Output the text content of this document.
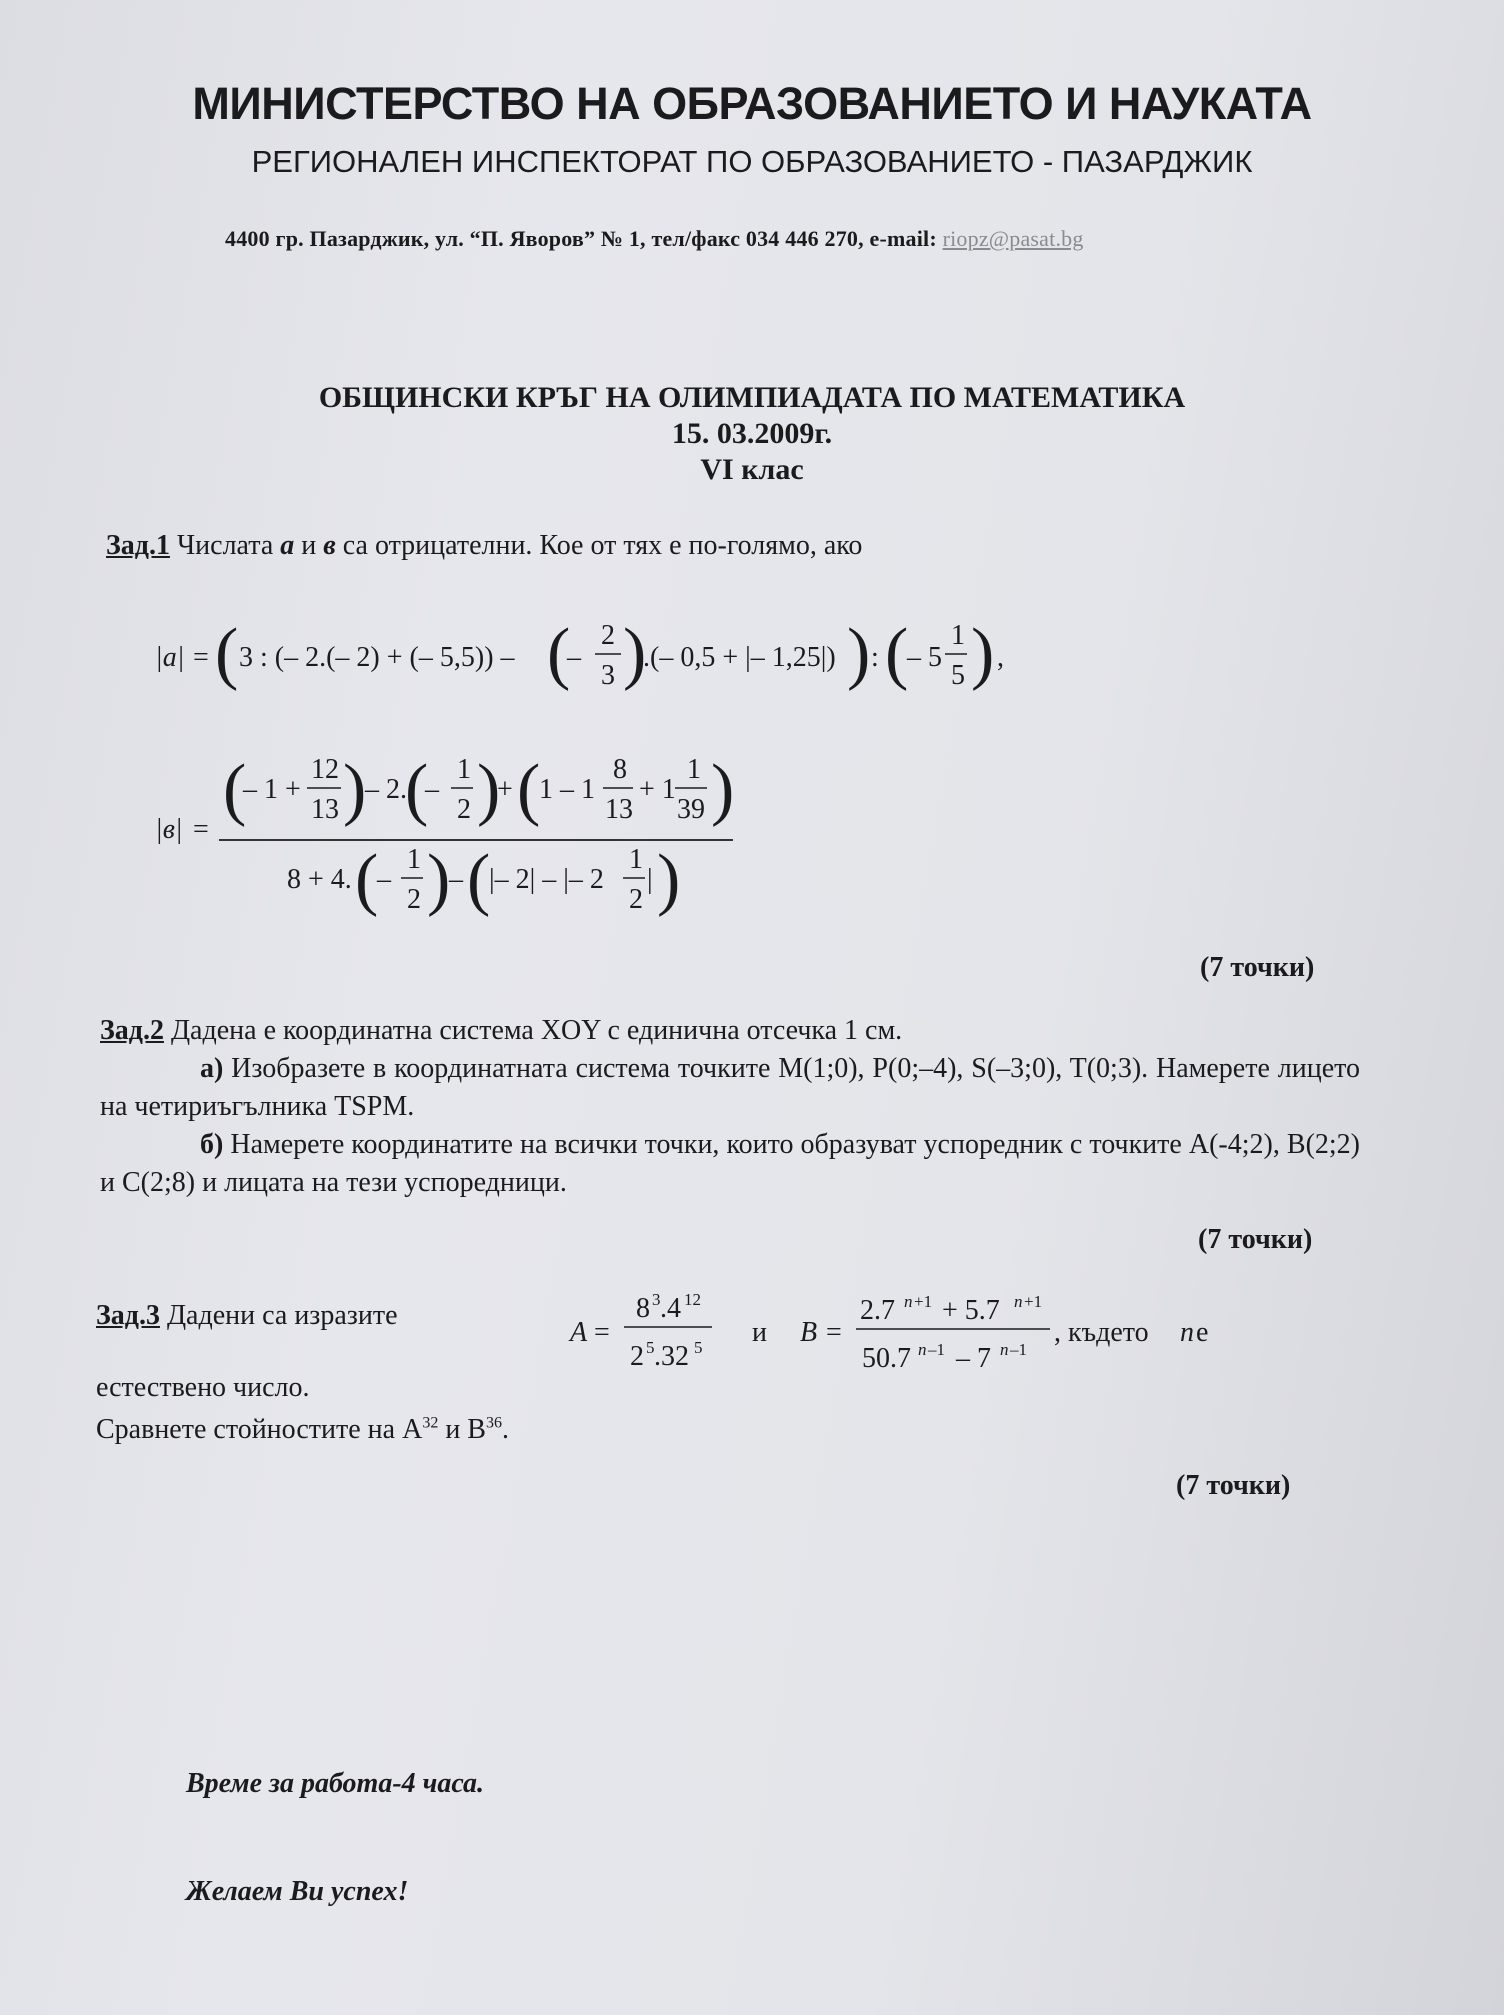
МИНИСТЕРСТВО НА ОБРАЗОВАНИЕТО И НАУКАТА
РЕГИОНАЛЕН ИНСПЕКТОРАТ ПО ОБРАЗОВАНИЕТО - ПАЗАРДЖИК
4400 гр. Пазарджик, ул. “П. Яворов” № 1, тел/факс 034 446 270, e-mail: riopz@pasat.bg
ОБЩИНСКИ КРЪГ НА ОЛИМПИАДАТА ПО МАТЕМАТИКА
15. 03.2009г.
VI клас
Зад.1 Числата а и в са отрицателни. Кое от тях е по-голямо, ако
|a| = ( 3 : (– 2.(– 2) + (– 5,5)) – (
–
2
3 )
.(– 0,5 + |– 1,25|) ) : (
– 5
1
5 ) ,
|в| =
(
– 1 +
12
13 )
– 2.
(
–
1
2 )
+ (
1 – 1
8
13
+ 1
1
39 )
8 + 4. (
–
1
2 )
– (
|– 2| – |– 2
1
2
| )
(7 точки)

Зад.2 Дадена е координатна система XOY с единична отсечка 1 см.

а) Изобразете в координатната система точките M(1;0), P(0;–4), S(–3;0), T(0;3). Намерете лицето на четириъгълника TSPM.

б) Намерете координатите на всички точки, които образуват успоредник с точките A(-4;2), B(2;2) и C(2;8) и лицата на тези успоредници.

(7 точки)
Зад.3 Дадени са изразите
A =
8 3 .4 12
2 5 .32 5 и B =
2.7 n +1 + 5.7 n +1
50.7 n –1 – 7 n –1
, където n е
естествено число.
Сравнете стойностите на $A^{32}$ и $B^{36}$.
(7 точки)
Време за работа-4 часа.
Желаем Ви успех!
